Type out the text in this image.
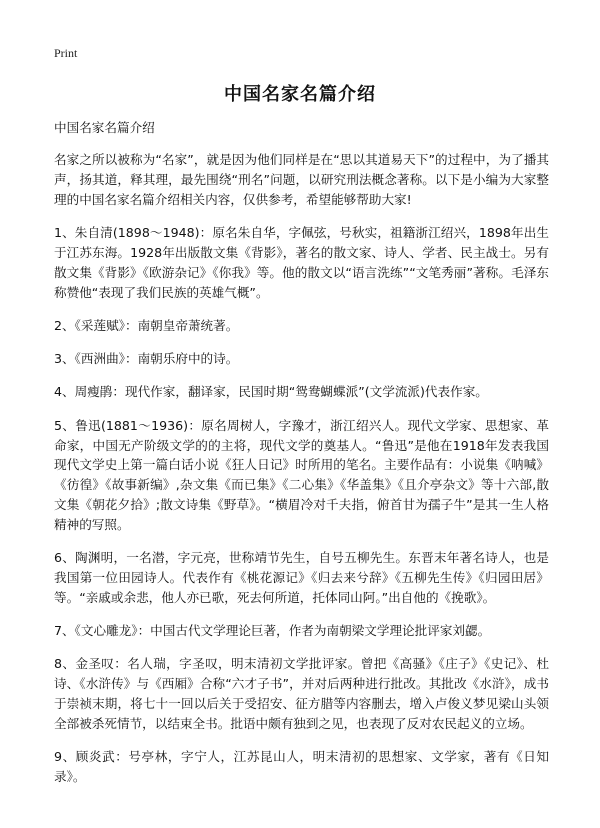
Print
中国名家名篇介绍

中国名家名篇介绍

名家之所以被称为“名家”，就是因为他们同样是在“思以其道易天下”的过程中，为了播其声，扬其道，释其理，最先围绕“刑名”问题，以研究刑法概念著称。以下是小编为大家整理的中国名家名篇介绍相关内容，仅供参考，希望能够帮助大家!

1、朱自清(1898～1948)：原名朱自华，字佩弦，号秋实，祖籍浙江绍兴，1898年出生于江苏东海。1928年出版散文集《背影》，著名的散文家、诗人、学者、民主战士。另有散文集《背影》《欧游杂记》《你我》等。他的散文以“语言洗练”“文笔秀丽”著称。毛泽东称赞他“表现了我们民族的英雄气概”。

2、《采莲赋》：南朝皇帝萧统著。

3、《西洲曲》：南朝乐府中的诗。

4、周瘦鹃：现代作家，翻译家，民国时期“鸳鸯蝴蝶派”(文学流派)代表作家。

5、鲁迅(1881～1936)：原名周树人，字豫才，浙江绍兴人。现代文学家、思想家、革命家，中国无产阶级文学的的主将，现代文学的奠基人。“鲁迅”是他在1918年发表我国现代文学史上第一篇白话小说《狂人日记》时所用的笔名。主要作品有：小说集《呐喊》《彷徨》《故事新编》,杂文集《而已集》《二心集》《华盖集》《且介亭杂文》等十六部,散文集《朝花夕拾》;散文诗集《野草》。“横眉冷对千夫指，俯首甘为孺子牛”是其一生人格精神的写照。

6、陶渊明，一名潜，字元亮，世称靖节先生，自号五柳先生。东晋末年著名诗人，也是我国第一位田园诗人。代表作有《桃花源记》《归去来兮辞》《五柳先生传》《归园田居》等。“亲戚或余悲，他人亦已歌，死去何所道，托体同山阿。”出自他的《挽歌》。

7、《文心雕龙》：中国古代文学理论巨著，作者为南朝梁文学理论批评家刘勰。

8、金圣叹：名人瑞，字圣叹，明末清初文学批评家。曾把《高骚》《庄子》《史记》、杜诗、《水浒传》与《西厢》合称“六才子书”，并对后两种进行批改。其批改《水浒》，成书于崇祯末期，将七十一回以后关于受招安、征方腊等内容删去，增入卢俊义梦见梁山头领全部被杀死情节，以结束全书。批语中颇有独到之见，也表现了反对农民起义的立场。

9、顾炎武：号亭林，字宁人，江苏昆山人，明末清初的思想家、文学家，著有《日知录》。
